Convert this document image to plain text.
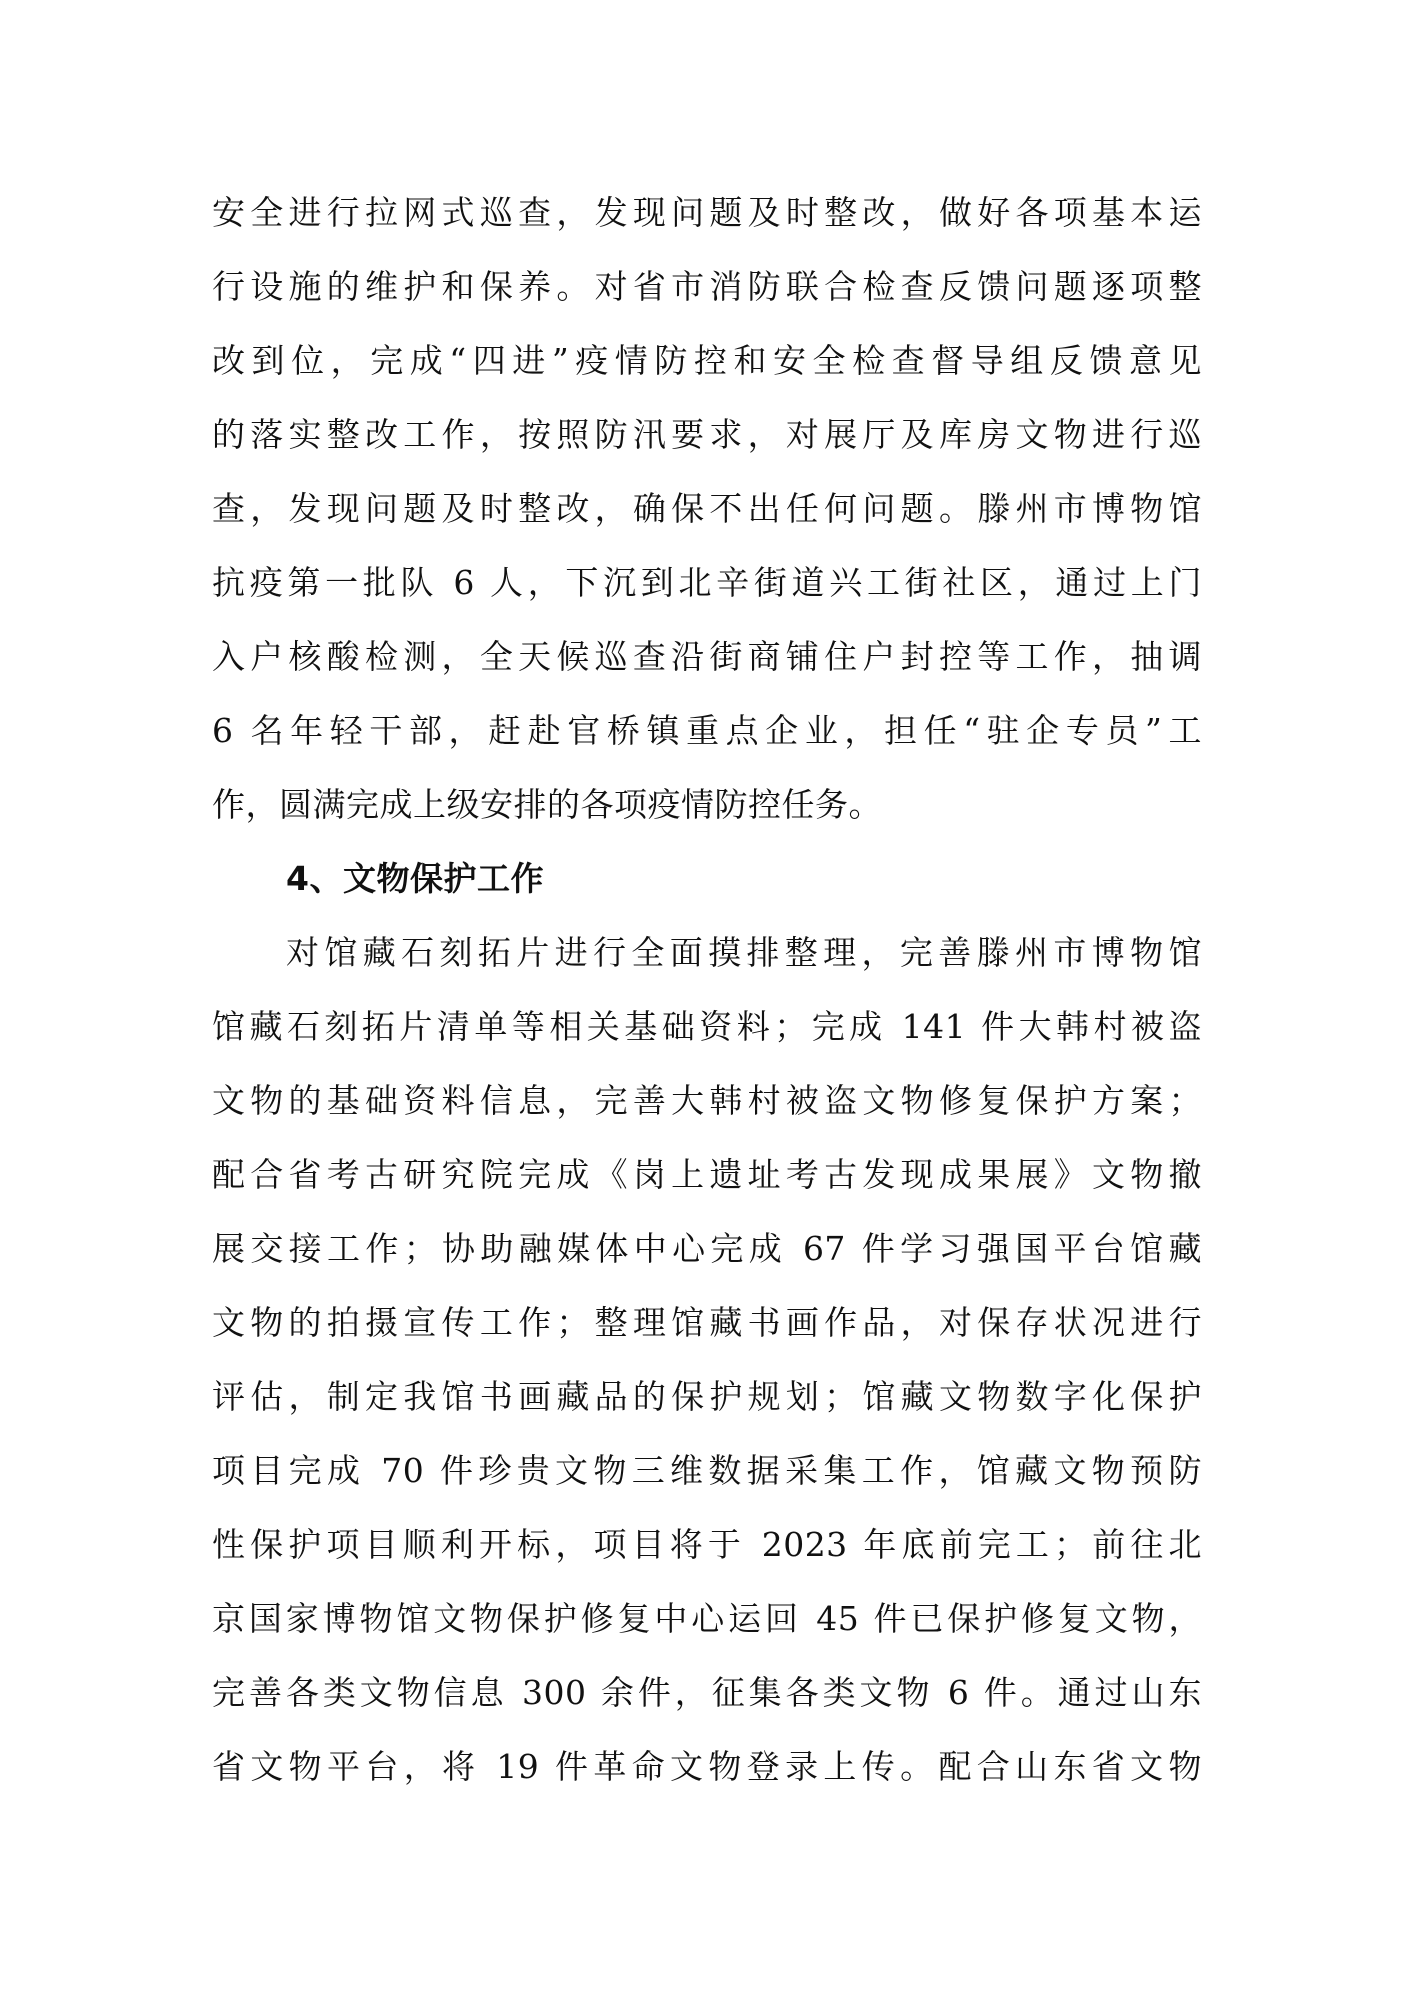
安全进行拉网式巡查，发现问题及时整改，做好各项基本运
行设施的维护和保养。对省市消防联合检查反馈问题逐项整
改到位，完成“四进”疫情防控和安全检查督导组反馈意见
的落实整改工作，按照防汛要求，对展厅及库房文物进行巡
查，发现问题及时整改，确保不出任何问题。滕州市博物馆
抗疫第一批队 6 人，下沉到北辛街道兴工街社区，通过上门
入户核酸检测，全天候巡查沿街商铺住户封控等工作，抽调
6 名年轻干部，赶赴官桥镇重点企业，担任“驻企专员”工
作，圆满完成上级安排的各项疫情防控任务。
4、文物保护工作
对馆藏石刻拓片进行全面摸排整理，完善滕州市博物馆
馆藏石刻拓片清单等相关基础资料；完成 141 件大韩村被盗
文物的基础资料信息，完善大韩村被盗文物修复保护方案；
配合省考古研究院完成《岗上遗址考古发现成果展》文物撤
展交接工作；协助融媒体中心完成 67 件学习强国平台馆藏
文物的拍摄宣传工作；整理馆藏书画作品，对保存状况进行
评估，制定我馆书画藏品的保护规划；馆藏文物数字化保护
项目完成 70 件珍贵文物三维数据采集工作，馆藏文物预防
性保护项目顺利开标，项目将于 2023 年底前完工；前往北
京国家博物馆文物保护修复中心运回 45 件已保护修复文物，
完善各类文物信息 300 余件，征集各类文物 6 件。通过山东
省文物平台，将 19 件革命文物登录上传。配合山东省文物
